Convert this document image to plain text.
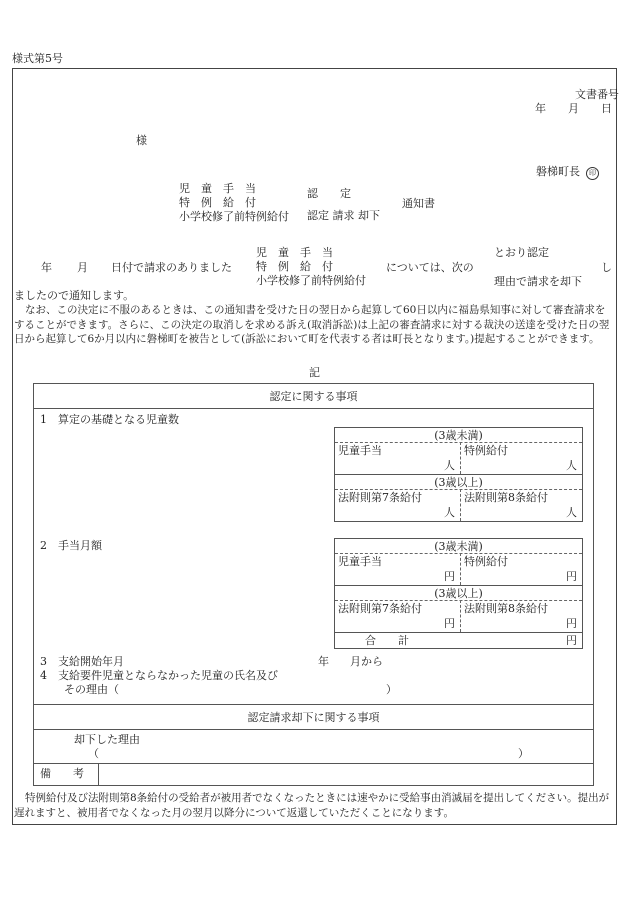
様式第5号
文書番号
年 月 日
様
磐梯町長 印
児　童　手　当
特　例　給　付
小学校修了前特例給付
認　　定
認定 請求 却下
通知書
年 月 日付で請求のありました
児　童　手　当
特　例　給　付
小学校修了前特例給付
については、次の
とおり認定
理由で請求を却下
し
ましたので通知します。
なお、この決定に不服のあるときは、この通知書を受けた日の翌日から起算して60日以内に福島県知事に対して審査請求をすることができます。さらに、この決定の取消しを求める訴え(取消訴訟)は上記の審査請求に対する裁決の送達を受けた日の翌日から起算して6か月以内に磐梯町を被告として(訴訟において町を代表する者は町長となります。)提起することができます。
記
認定に関する事項
1　算定の基礎となる児童数
(3歳未満)
児童手当	特例給付
人	人
(3歳以上)
法附則第7条給付	法附則第8条給付
人	人
2　手当月額	(3歳未満)
児童手当	特例給付
円	円
(3歳以上)
法附則第7条給付	法附則第8条給付
円	円
合　　計	円
3　支給開始年月	年 月から
4　支給要件児童とならなかった児童の氏名及び
その理由（	）
認定請求却下に関する事項
却下した理由
（	）
備　　考
特例給付及び法附則第8条給付の受給者が被用者でなくなったときには速やかに受給事由消滅届を提出してください。提出が遅れますと、被用者でなくなった月の翌月以降分について返還していただくことになります。
